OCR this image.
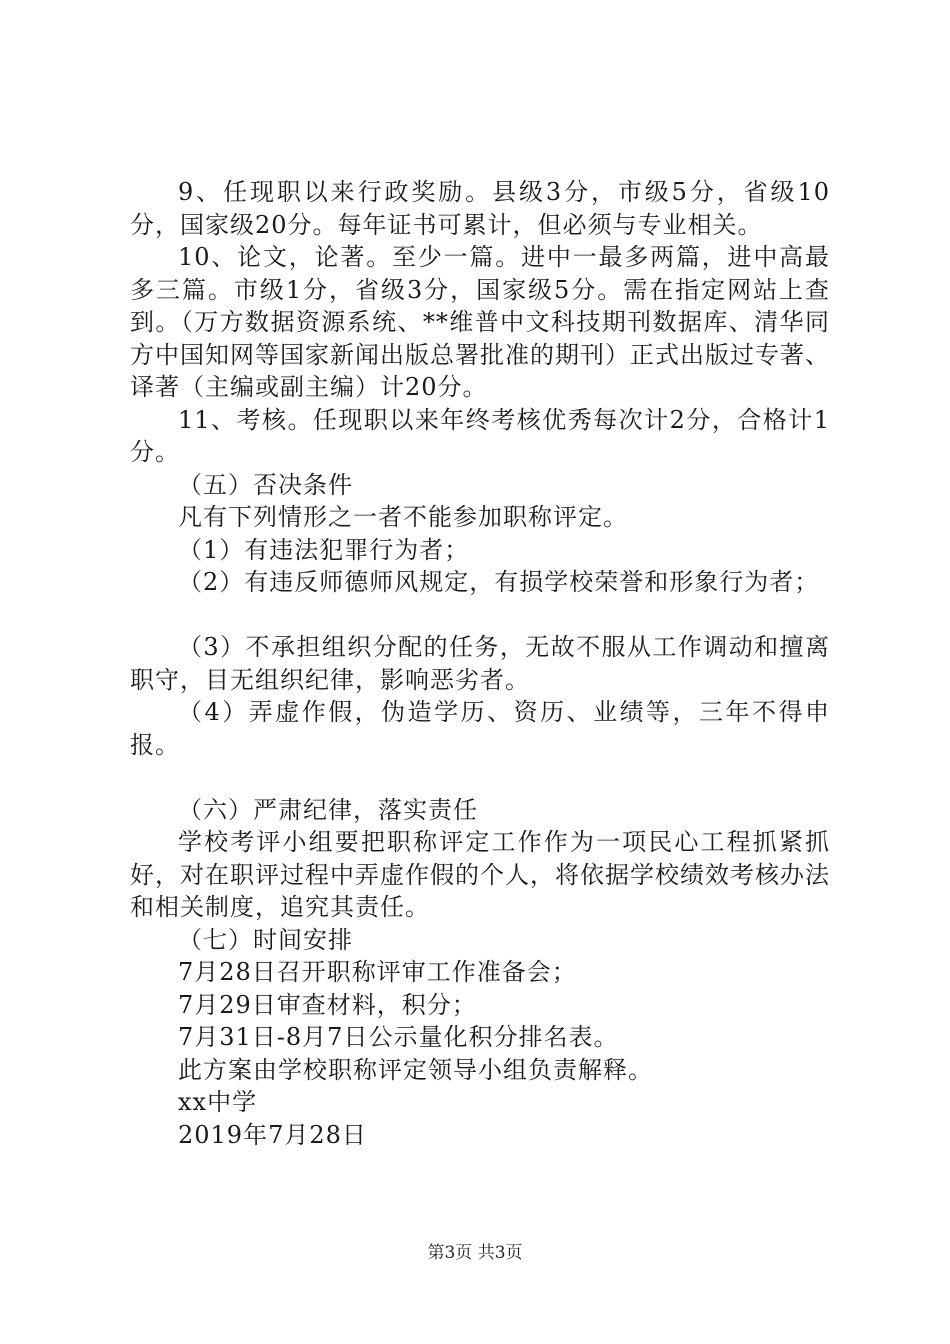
9、任现职以来行政奖励。县级3分，市级5分，省级10分，国家级20分。每年证书可累计，但必须与专业相关。

10、论文，论著。至少一篇。进中一最多两篇，进中高最多三篇。市级1分，省级3分，国家级5分。需在指定网站上查到。（万方数据资源系统、**维普中文科技期刊数据库、清华同方中国知网等国家新闻出版总署批准的期刊）正式出版过专著、译著（主编或副主编）计20分。

11、考核。任现职以来年终考核优秀每次计2分，合格计1分。

（五）否决条件

凡有下列情形之一者不能参加职称评定。

（1）有违法犯罪行为者；

（2）有违反师德师风规定，有损学校荣誉和形象行为者；

（3）不承担组织分配的任务，无故不服从工作调动和擅离职守，目无组织纪律，影响恶劣者。

（4）弄虚作假，伪造学历、资历、业绩等，三年不得申报。

（六）严肃纪律，落实责任

学校考评小组要把职称评定工作作为一项民心工程抓紧抓好，对在职评过程中弄虚作假的个人，将依据学校绩效考核办法和相关制度，追究其责任。

（七）时间安排

7月28日召开职称评审工作准备会；

7月29日审查材料，积分；

7月31日-8月7日公示量化积分排名表。

此方案由学校职称评定领导小组负责解释。

xx中学

2019年7月28日

第3页 共3页
